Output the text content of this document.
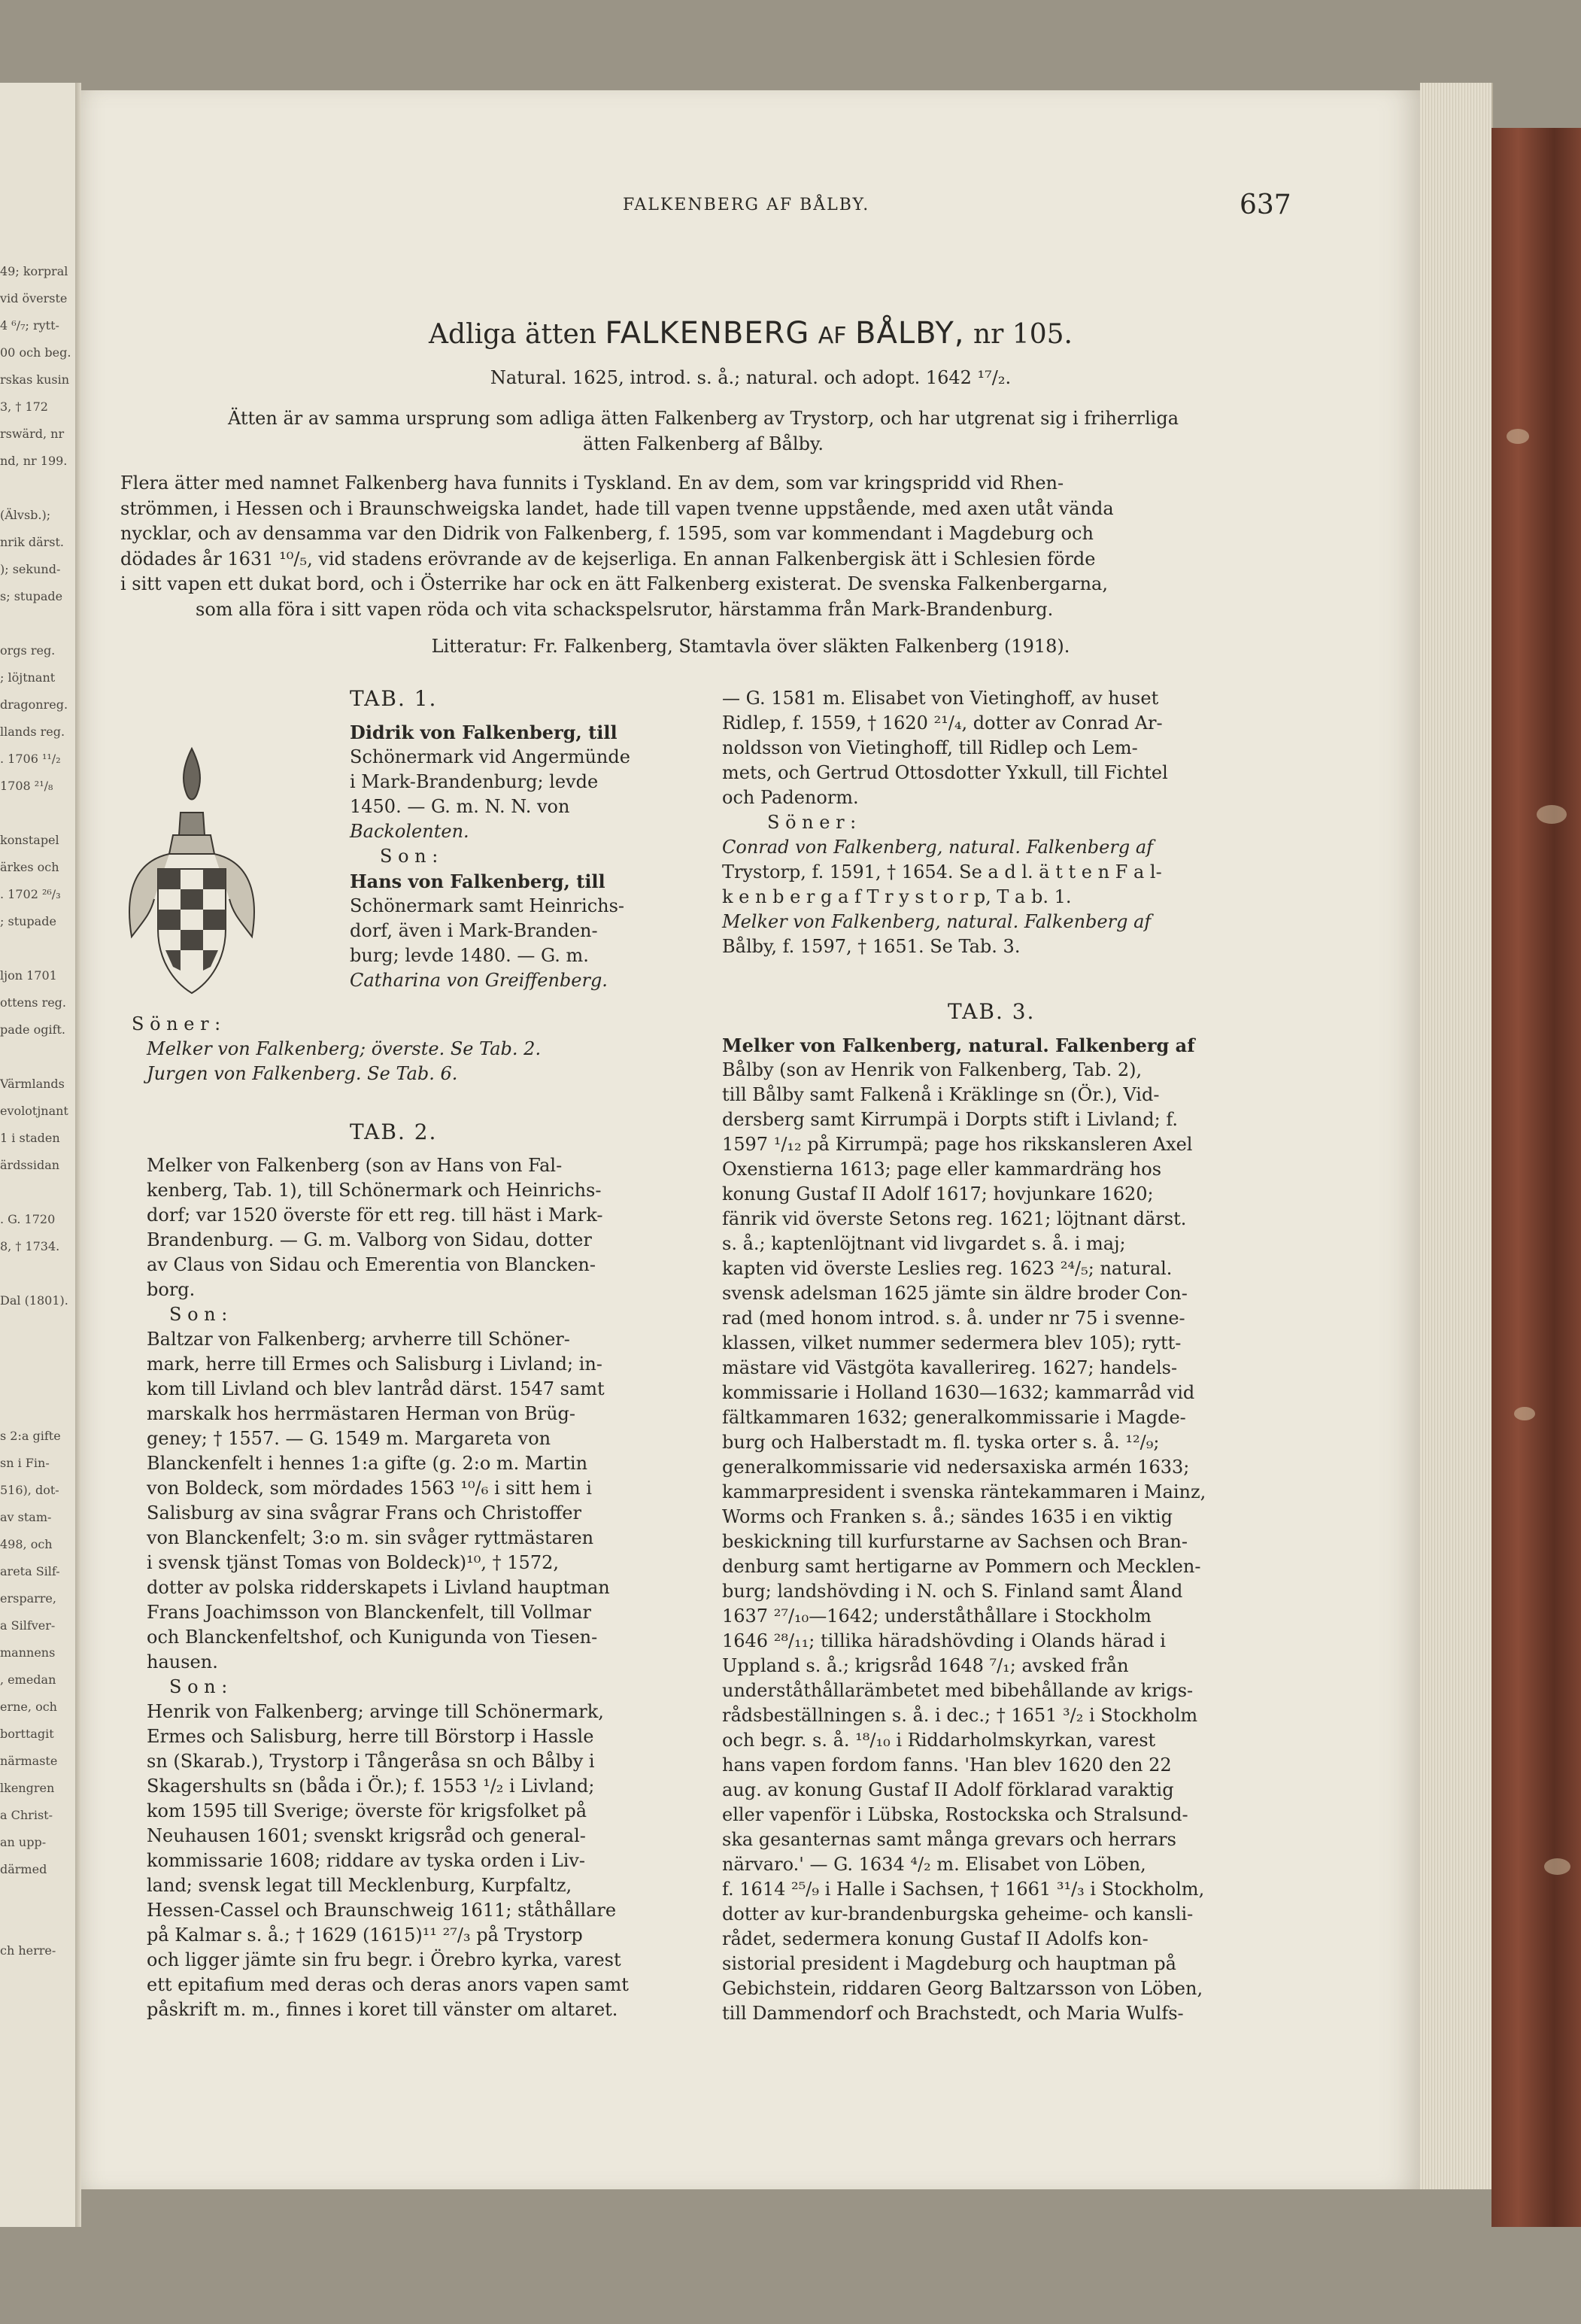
49; korpral
vid överste
4 ⁶/₇; rytt-
00 och beg.
rskas kusin
3, † 172
rswärd, nr
nd, nr 199.
(Älvsb.);
nrik därst.
); sekund-
s; stupade
orgs reg.
; löjtnant
dragonreg.
llands reg.
. 1706 ¹¹/₂
1708 ²¹/₈
konstapel
ärkes och
. 1702 ²⁶/₃
; stupade
ljon 1701
ottens reg.
pade ogift.
Värmlands
evolotjnant
1 i staden
ärdssidan
. G. 1720
8, † 1734.
Dal (1801).
s 2:a gifte
sn i Fin-
516), dot-
av stam-
498, och
areta Silf-
ersparre,
a Silfver-
mannens
, emedan
erne, och
borttagit
närmaste
lkengren
a Christ-
an upp-
därmed
ch herre-
FALKENBERG AF BÅLBY.	637
Adliga ätten FALKENBERG AF BÅLBY, nr 105.
Natural. 1625, introd. s. å.; natural. och adopt. 1642 ¹⁷/₂.
Ätten är av samma ursprung som adliga ätten Falkenberg av Trystorp, och har utgrenat sig i friherrliga
ätten Falkenberg af Bålby.
Flera ätter med namnet Falkenberg hava funnits i Tyskland. En av dem, som var kringspridd vid Rhen-
strömmen, i Hessen och i Braunschweigska landet, hade till vapen tvenne uppstående, med axen utåt vända
nycklar, och av densamma var den Didrik von Falkenberg, f. 1595, som var kommendant i Magdeburg och
dödades år 1631 ¹⁰/₅, vid stadens erövrande av de kejserliga. En annan Falkenbergisk ätt i Schlesien förde
i sitt vapen ett dukat bord, och i Österrike har ock en ätt Falkenberg existerat. De svenska Falkenbergarna,
som alla föra i sitt vapen röda och vita schackspelsrutor, härstamma från Mark-Brandenburg.
Litteratur: Fr. Falkenberg, Stamtavla över släkten Falkenberg (1918).
TAB. 1.
Didrik von Falkenberg, till
Schönermark vid Angermünde
i Mark-Brandenburg; levde
1450. — G. m. N. N. von
Backolenten.
S o n :
Hans von Falkenberg, till
Schönermark samt Heinrichs-
dorf, även i Mark-Branden-
burg; levde 1480. — G. m.
Catharina von Greiffenberg.
S ö n e r :
Melker von Falkenberg; överste. Se Tab. 2.
Jurgen von Falkenberg. Se Tab. 6.
TAB. 2.
Melker von Falkenberg (son av Hans von Fal-
kenberg, Tab. 1), till Schönermark och Heinrichs-
dorf; var 1520 överste för ett reg. till häst i Mark-
Brandenburg. — G. m. Valborg von Sidau, dotter
av Claus von Sidau och Emerentia von Blancken-
borg.
S o n :
Baltzar von Falkenberg; arvherre till Schöner-
mark, herre till Ermes och Salisburg i Livland; in-
kom till Livland och blev lantråd därst. 1547 samt
marskalk hos herrmästaren Herman von Brüg-
geney; † 1557. — G. 1549 m. Margareta von
Blanckenfelt i hennes 1:a gifte (g. 2:o m. Martin
von Boldeck, som mördades 1563 ¹⁰/₆ i sitt hem i
Salisburg av sina svågrar Frans och Christoffer
von Blanckenfelt; 3:o m. sin svåger ryttmästaren
i svensk tjänst Tomas von Boldeck)¹⁰, † 1572,
dotter av polska ridderskapets i Livland hauptman
Frans Joachimsson von Blanckenfelt, till Vollmar
och Blanckenfeltshof, och Kunigunda von Tiesen-
hausen.
S o n :
Henrik von Falkenberg; arvinge till Schönermark,
Ermes och Salisburg, herre till Börstorp i Hassle
sn (Skarab.), Trystorp i Tångeråsa sn och Bålby i
Skagershults sn (båda i Ör.); f. 1553 ¹/₂ i Livland;
kom 1595 till Sverige; överste för krigsfolket på
Neuhausen 1601; svenskt krigsråd och general-
kommissarie 1608; riddare av tyska orden i Liv-
land; svensk legat till Mecklenburg, Kurpfaltz,
Hessen-Cassel och Braunschweig 1611; ståthållare
på Kalmar s. å.; † 1629 (1615)¹¹ ²⁷/₃ på Trystorp
och ligger jämte sin fru begr. i Örebro kyrka, varest
ett epitafium med deras och deras anors vapen samt
påskrift m. m., finnes i koret till vänster om altaret.
— G. 1581 m. Elisabet von Vietinghoff, av huset
Ridlep, f. 1559, † 1620 ²¹/₄, dotter av Conrad Ar-
noldsson von Vietinghoff, till Ridlep och Lem-
mets, och Gertrud Ottosdotter Yxkull, till Fichtel
och Padenorm.
S ö n e r :
Conrad von Falkenberg, natural. Falkenberg af
Trystorp, f. 1591, † 1654. Se a d l. ä t t e n F a l-
k e n b e r g a f T r y s t o r p, T a b. 1.
Melker von Falkenberg, natural. Falkenberg af
Bålby, f. 1597, † 1651. Se Tab. 3.
TAB. 3.
Melker von Falkenberg, natural. Falkenberg af
Bålby (son av Henrik von Falkenberg, Tab. 2),
till Bålby samt Falkenå i Kräklinge sn (Ör.), Vid-
dersberg samt Kirrumpä i Dorpts stift i Livland; f.
1597 ¹/₁₂ på Kirrumpä; page hos rikskansleren Axel
Oxenstierna 1613; page eller kammardräng hos
konung Gustaf II Adolf 1617; hovjunkare 1620;
fänrik vid överste Setons reg. 1621; löjtnant därst.
s. å.; kaptenlöjtnant vid livgardet s. å. i maj;
kapten vid överste Leslies reg. 1623 ²⁴/₅; natural.
svensk adelsman 1625 jämte sin äldre broder Con-
rad (med honom introd. s. å. under nr 75 i svenne-
klassen, vilket nummer sedermera blev 105); rytt-
mästare vid Västgöta kavallerireg. 1627; handels-
kommissarie i Holland 1630—1632; kammarråd vid
fältkammaren 1632; generalkommissarie i Magde-
burg och Halberstadt m. fl. tyska orter s. å. ¹²/₉;
generalkommissarie vid nedersaxiska armén 1633;
kammarpresident i svenska räntekammaren i Mainz,
Worms och Franken s. å.; sändes 1635 i en viktig
beskickning till kurfurstarne av Sachsen och Bran-
denburg samt hertigarne av Pommern och Mecklen-
burg; landshövding i N. och S. Finland samt Åland
1637 ²⁷/₁₀—1642; underståthållare i Stockholm
1646 ²⁸/₁₁; tillika häradshövding i Olands härad i
Uppland s. å.; krigsråd 1648 ⁷/₁; avsked från
underståthållarämbetet med bibehållande av krigs-
rådsbeställningen s. å. i dec.; † 1651 ³/₂ i Stockholm
och begr. s. å. ¹⁸/₁₀ i Riddarholmskyrkan, varest
hans vapen fordom fanns. 'Han blev 1620 den 22
aug. av konung Gustaf II Adolf förklarad varaktig
eller vapenför i Lübska, Rostockska och Stralsund-
ska gesanternas samt många grevars och herrars
närvaro.' — G. 1634 ⁴/₂ m. Elisabet von Löben,
f. 1614 ²⁵/₉ i Halle i Sachsen, † 1661 ³¹/₃ i Stockholm,
dotter av kur-brandenburgska geheime- och kansli-
rådet, sedermera konung Gustaf II Adolfs kon-
sistorial president i Magdeburg och hauptman på
Gebichstein, riddaren Georg Baltzarsson von Löben,
till Dammendorf och Brachstedt, och Maria Wulfs-
